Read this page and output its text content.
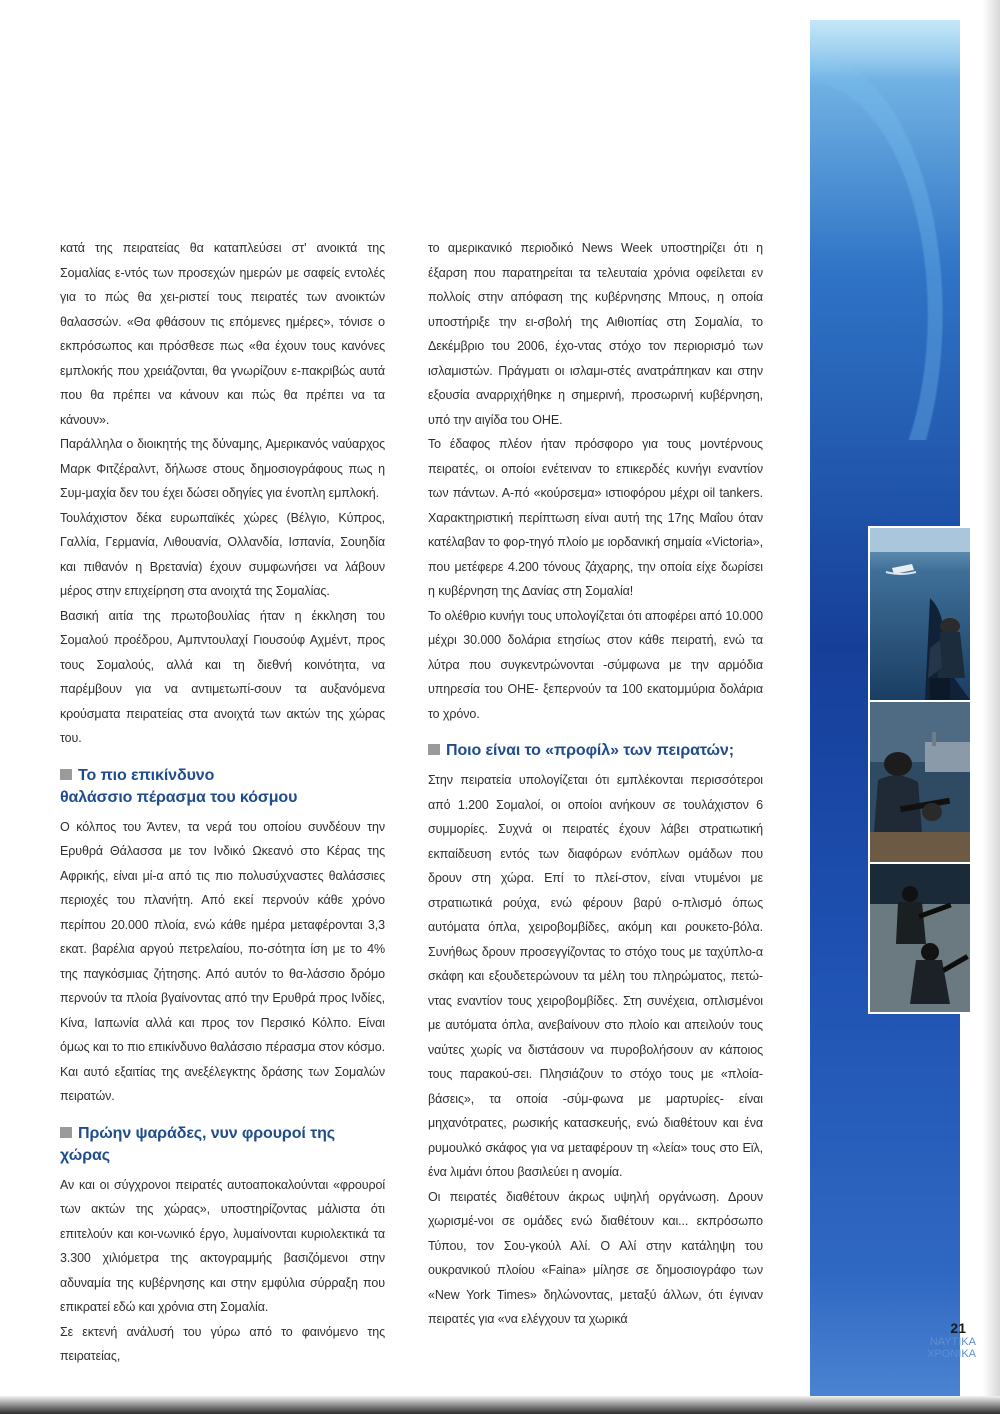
κατά της πειρατείας θα καταπλεύσει στ' ανοικτά της Σομαλίας ε-ντός των προσεχών ημερών με σαφείς εντολές για το πώς θα χει-ριστεί τους πειρατές των ανοικτών θαλασσών. «Θα φθάσουν τις επόμενες ημέρες», τόνισε ο εκπρόσωπος και πρόσθεσε πως «θα έχουν τους κανόνες εμπλοκής που χρειάζονται, θα γνωρίζουν ε-πακριβώς αυτά που θα πρέπει να κάνουν και πώς θα πρέπει να τα κάνουν».

Παράλληλα ο διοικητής της δύναμης, Αμερικανός ναύαρχος Μαρκ Φιτζέραλντ, δήλωσε στους δημοσιογράφους πως η Συμ-μαχία δεν του έχει δώσει οδηγίες για ένοπλη εμπλοκή.

Τουλάχιστον δέκα ευρωπαϊκές χώρες (Βέλγιο, Κύπρος, Γαλλία, Γερμανία, Λιθουανία, Ολλανδία, Ισπανία, Σουηδία και πιθανόν η Βρετανία) έχουν συμφωνήσει να λάβουν μέρος στην επιχείρηση στα ανοιχτά της Σομαλίας.

Βασική αιτία της πρωτοβουλίας ήταν η έκκληση του Σομαλού προέδρου, Αμπντουλαχί Γιουσούφ Αχμέντ, προς τους Σομαλούς, αλλά και τη διεθνή κοινότητα, να παρέμβουν για να αντιμετωπί-σουν τα αυξανόμενα κρούσματα πειρατείας στα ανοιχτά των ακτών της χώρας του.

Το πιο επικίνδυνο
θαλάσσιο πέρασμα του κόσμου

Ο κόλπος του Άντεν, τα νερά του οποίου συνδέουν την Ερυθρά Θάλασσα με τον Ινδικό Ωκεανό στο Κέρας της Αφρικής, είναι μί-α από τις πιο πολυσύχναστες θαλάσσιες περιοχές του πλανήτη. Από εκεί περνούν κάθε χρόνο περίπου 20.000 πλοία, ενώ κάθε ημέρα μεταφέρονται 3,3 εκατ. βαρέλια αργού πετρελαίου, πο-σότητα ίση με το 4% της παγκόσμιας ζήτησης. Από αυτόν το θα-λάσσιο δρόμο περνούν τα πλοία βγαίνοντας από την Ερυθρά προς Ινδίες, Κίνα, Ιαπωνία αλλά και προς τον Περσικό Κόλπο. Είναι όμως και το πιο επικίνδυνο θαλάσσιο πέρασμα στον κόσμο. Και αυτό εξαιτίας της ανεξέλεγκτης δράσης των Σομαλών πειρατών.

Πρώην ψαράδες, νυν φρουροί της χώρας

Αν και οι σύγχρονοι πειρατές αυτοαποκαλούνται «φρουροί των ακτών της χώρας», υποστηρίζοντας μάλιστα ότι επιτελούν και κοι-νωνικό έργο, λυμαίνονται κυριολεκτικά τα 3.300 χιλιόμετρα της ακτογραμμής βασιζόμενοι στην αδυναμία της κυβέρνησης και στην εμφύλια σύρραξη που επικρατεί εδώ και χρόνια στη Σομαλία.

Σε εκτενή ανάλυσή του γύρω από το φαινόμενο της πειρατείας,

το αμερικανικό περιοδικό News Week υποστηρίζει ότι η έξαρση που παρατηρείται τα τελευταία χρόνια οφείλεται εν πολλοίς στην απόφαση της κυβέρνησης Μπους, η οποία υποστήριξε την ει-σβολή της Αιθιοπίας στη Σομαλία, το Δεκέμβριο του 2006, έχο-ντας στόχο τον περιορισμό των ισλαμιστών. Πράγματι οι ισλαμι-στές ανατράπηκαν και στην εξουσία αναρριχήθηκε η σημερινή, προσωρινή κυβέρνηση, υπό την αιγίδα του ΟΗΕ.

Το έδαφος πλέον ήταν πρόσφορο για τους μοντέρνους πειρατές, οι οποίοι ενέτειναν το επικερδές κυνήγι εναντίον των πάντων. Α-πό «κούρσεμα» ιστιοφόρου μέχρι oil tankers. Χαρακτηριστική περίπτωση είναι αυτή της 17ης Μαΐου όταν κατέλαβαν το φορ-τηγό πλοίο με ιορδανική σημαία «Victoria», που μετέφερε 4.200 τόνους ζάχαρης, την οποία είχε δωρίσει η κυβέρνηση της Δανίας στη Σομαλία!

Το ολέθριο κυνήγι τους υπολογίζεται ότι αποφέρει από 10.000 μέχρι 30.000 δολάρια ετησίως στον κάθε πειρατή, ενώ τα λύτρα που συγκεντρώνονται -σύμφωνα με την αρμόδια υπηρεσία του ΟΗΕ- ξεπερνούν τα 100 εκατομμύρια δολάρια το χρόνο.

Ποιο είναι το «προφίλ» των πειρατών;

Στην πειρατεία υπολογίζεται ότι εμπλέκονται περισσότεροι από 1.200 Σομαλοί, οι οποίοι ανήκουν σε τουλάχιστον 6 συμμορίες. Συχνά οι πειρατές έχουν λάβει στρατιωτική εκπαίδευση εντός των διαφόρων ενόπλων ομάδων που δρουν στη χώρα. Επί το πλεί-στον, είναι ντυμένοι με στρατιωτικά ρούχα, ενώ φέρουν βαρύ ο-πλισμό όπως αυτόματα όπλα, χειροβομβίδες, ακόμη και ρουκετο-βόλα. Συνήθως δρουν προσεγγίζοντας το στόχο τους με ταχύπλο-α σκάφη και εξουδετερώνουν τα μέλη του πληρώματος, πετώ-ντας εναντίον τους χειροβομβίδες. Στη συνέχεια, οπλισμένοι με αυτόματα όπλα, ανεβαίνουν στο πλοίο και απειλούν τους ναύτες χωρίς να διστάσουν να πυροβολήσουν αν κάποιος τους παρακού-σει. Πλησιάζουν το στόχο τους με «πλοία-βάσεις», τα οποία -σύμ-φωνα με μαρτυρίες- είναι μηχανότρατες, ρωσικής κατασκευής, ενώ διαθέτουν και ένα ρυμουλκό σκάφος για να μεταφέρουν τη «λεία» τους στο Εϊλ, ένα λιμάνι όπου βασιλεύει η ανομία.

Οι πειρατές διαθέτουν άκρως υψηλή οργάνωση. Δρουν χωρισμέ-νοι σε ομάδες ενώ διαθέτουν και... εκπρόσωπο Τύπου, τον Σου-γκούλ Αλί. Ο Αλί στην κατάληψη του ουκρανικού πλοίου «Faina» μίλησε σε δημοσιογράφο των «New York Times» δηλώνοντας, μεταξύ άλλων, ότι έγιναν πειρατές για «να ελέγχουν τα χωρικά

21
ΝΑΥΤΙΚΑ
ΧΡΟΝΙΚΑ
